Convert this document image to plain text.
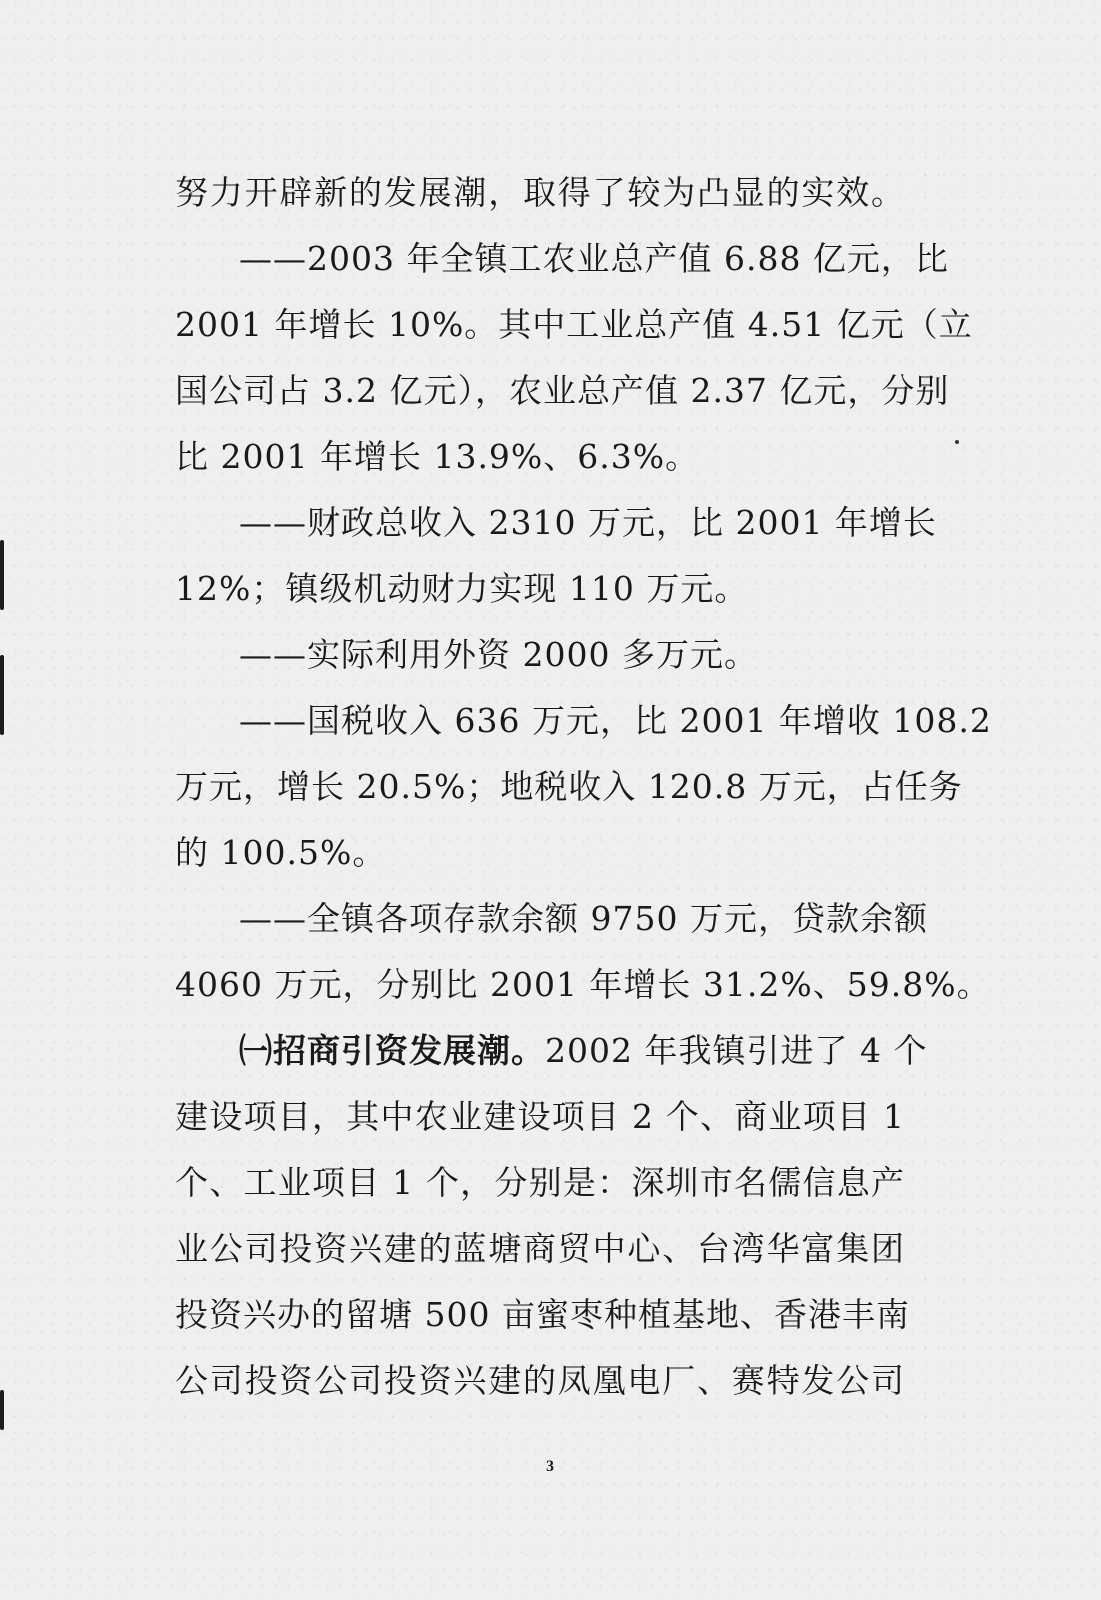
努力开辟新的发展潮，取得了较为凸显的实效。
——2003 年全镇工农业总产值 6.88 亿元，比
2001 年增长 10%。其中工业总产值 4.51 亿元（立
国公司占 3.2 亿元），农业总产值 2.37 亿元，分别
比 2001 年增长 13.9%、6.3%。
——财政总收入 2310 万元，比 2001 年增长
12%；镇级机动财力实现 110 万元。
——实际利用外资 2000 多万元。
——国税收入 636 万元，比 2001 年增收 108.2
万元，增长 20.5%；地税收入 120.8 万元，占任务
的 100.5%。
——全镇各项存款余额 9750 万元，贷款余额
4060 万元，分别比 2001 年增长 31.2%、59.8%。
㈠招商引资发展潮。2002 年我镇引进了 4 个
建设项目，其中农业建设项目 2 个、商业项目 1
个、工业项目 1 个，分别是：深圳市名儒信息产
业公司投资兴建的蓝塘商贸中心、台湾华富集团
投资兴办的留塘 500 亩蜜枣种植基地、香港丰南
公司投资公司投资兴建的凤凰电厂、赛特发公司
3
